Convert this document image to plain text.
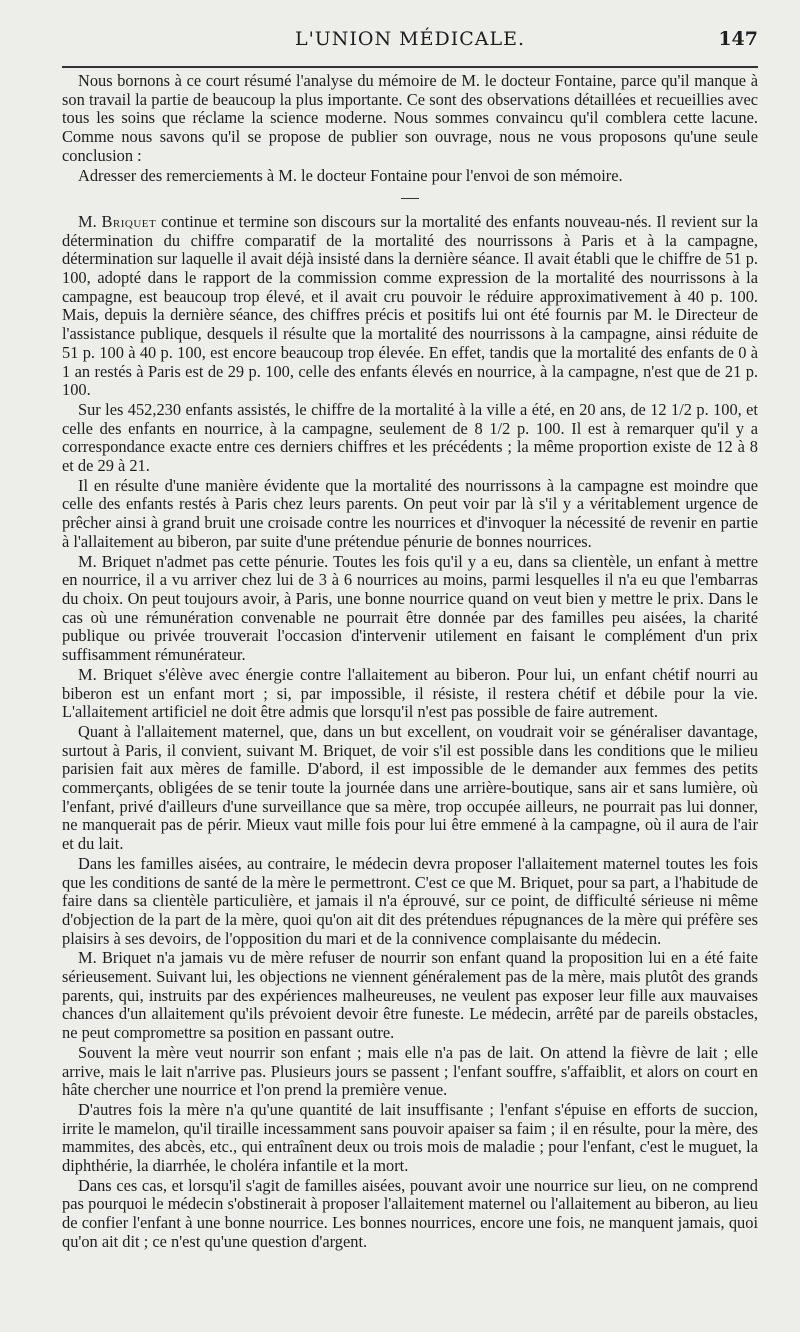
L'UNION MÉDICALE.	147

Nous bornons à ce court résumé l'analyse du mémoire de M. le docteur Fontaine, parce qu'il manque à son travail la partie de beaucoup la plus importante. Ce sont des observations détaillées et recueillies avec tous les soins que réclame la science moderne. Nous sommes convaincu qu'il comblera cette lacune. Comme nous savons qu'il se propose de publier son ouvrage, nous ne vous proposons qu'une seule conclusion :

Adresser des remerciements à M. le docteur Fontaine pour l'envoi de son mémoire.

M. Briquet continue et termine son discours sur la mortalité des enfants nouveau-nés. Il revient sur la détermination du chiffre comparatif de la mortalité des nourrissons à Paris et à la campagne, détermination sur laquelle il avait déjà insisté dans la dernière séance. Il avait établi que le chiffre de 51 p. 100, adopté dans le rapport de la commission comme expression de la mortalité des nourrissons à la campagne, est beaucoup trop élevé, et il avait cru pouvoir le réduire approximativement à 40 p. 100. Mais, depuis la dernière séance, des chiffres précis et positifs lui ont été fournis par M. le Directeur de l'assistance publique, desquels il résulte que la mortalité des nourrissons à la campagne, ainsi réduite de 51 p. 100 à 40 p. 100, est encore beaucoup trop élevée. En effet, tandis que la mortalité des enfants de 0 à 1 an restés à Paris est de 29 p. 100, celle des enfants élevés en nourrice, à la campagne, n'est que de 21 p. 100.

Sur les 452,230 enfants assistés, le chiffre de la mortalité à la ville a été, en 20 ans, de 12 1/2 p. 100, et celle des enfants en nourrice, à la campagne, seulement de 8 1/2 p. 100. Il est à remarquer qu'il y a correspondance exacte entre ces derniers chiffres et les précédents ; la même proportion existe de 12 à 8 et de 29 à 21.

Il en résulte d'une manière évidente que la mortalité des nourrissons à la campagne est moindre que celle des enfants restés à Paris chez leurs parents. On peut voir par là s'il y a véritablement urgence de prêcher ainsi à grand bruit une croisade contre les nourrices et d'invoquer la nécessité de revenir en partie à l'allaitement au biberon, par suite d'une prétendue pénurie de bonnes nourrices.

M. Briquet n'admet pas cette pénurie. Toutes les fois qu'il y a eu, dans sa clientèle, un enfant à mettre en nourrice, il a vu arriver chez lui de 3 à 6 nourrices au moins, parmi lesquelles il n'a eu que l'embarras du choix. On peut toujours avoir, à Paris, une bonne nourrice quand on veut bien y mettre le prix. Dans le cas où une rémunération convenable ne pourrait être donnée par des familles peu aisées, la charité publique ou privée trouverait l'occasion d'intervenir utilement en faisant le complément d'un prix suffisamment rémunérateur.

M. Briquet s'élève avec énergie contre l'allaitement au biberon. Pour lui, un enfant chétif nourri au biberon est un enfant mort ; si, par impossible, il résiste, il restera chétif et débile pour la vie. L'allaitement artificiel ne doit être admis que lorsqu'il n'est pas possible de faire autrement.

Quant à l'allaitement maternel, que, dans un but excellent, on voudrait voir se généraliser davantage, surtout à Paris, il convient, suivant M. Briquet, de voir s'il est possible dans les conditions que le milieu parisien fait aux mères de famille. D'abord, il est impossible de le demander aux femmes des petits commerçants, obligées de se tenir toute la journée dans une arrière-boutique, sans air et sans lumière, où l'enfant, privé d'ailleurs d'une surveillance que sa mère, trop occupée ailleurs, ne pourrait pas lui donner, ne manquerait pas de périr. Mieux vaut mille fois pour lui être emmené à la campagne, où il aura de l'air et du lait.

Dans les familles aisées, au contraire, le médecin devra proposer l'allaitement maternel toutes les fois que les conditions de santé de la mère le permettront. C'est ce que M. Briquet, pour sa part, a l'habitude de faire dans sa clientèle particulière, et jamais il n'a éprouvé, sur ce point, de difficulté sérieuse ni même d'objection de la part de la mère, quoi qu'on ait dit des prétendues répugnances de la mère qui préfère ses plaisirs à ses devoirs, de l'opposition du mari et de la connivence complaisante du médecin.

M. Briquet n'a jamais vu de mère refuser de nourrir son enfant quand la proposition lui en a été faite sérieusement. Suivant lui, les objections ne viennent généralement pas de la mère, mais plutôt des grands parents, qui, instruits par des expériences malheureuses, ne veulent pas exposer leur fille aux mauvaises chances d'un allaitement qu'ils prévoient devoir être funeste. Le médecin, arrêté par de pareils obstacles, ne peut compromettre sa position en passant outre.

Souvent la mère veut nourrir son enfant ; mais elle n'a pas de lait. On attend la fièvre de lait ; elle arrive, mais le lait n'arrive pas. Plusieurs jours se passent ; l'enfant souffre, s'affaiblit, et alors on court en hâte chercher une nourrice et l'on prend la première venue.

D'autres fois la mère n'a qu'une quantité de lait insuffisante ; l'enfant s'épuise en efforts de succion, irrite le mamelon, qu'il tiraille incessamment sans pouvoir apaiser sa faim ; il en résulte, pour la mère, des mammites, des abcès, etc., qui entraînent deux ou trois mois de maladie ; pour l'enfant, c'est le muguet, la diphthérie, la diarrhée, le choléra infantile et la mort.

Dans ces cas, et lorsqu'il s'agit de familles aisées, pouvant avoir une nourrice sur lieu, on ne comprend pas pourquoi le médecin s'obstinerait à proposer l'allaitement maternel ou l'allaitement au biberon, au lieu de confier l'enfant à une bonne nourrice. Les bonnes nourrices, encore une fois, ne manquent jamais, quoi qu'on ait dit ; ce n'est qu'une question d'argent.
